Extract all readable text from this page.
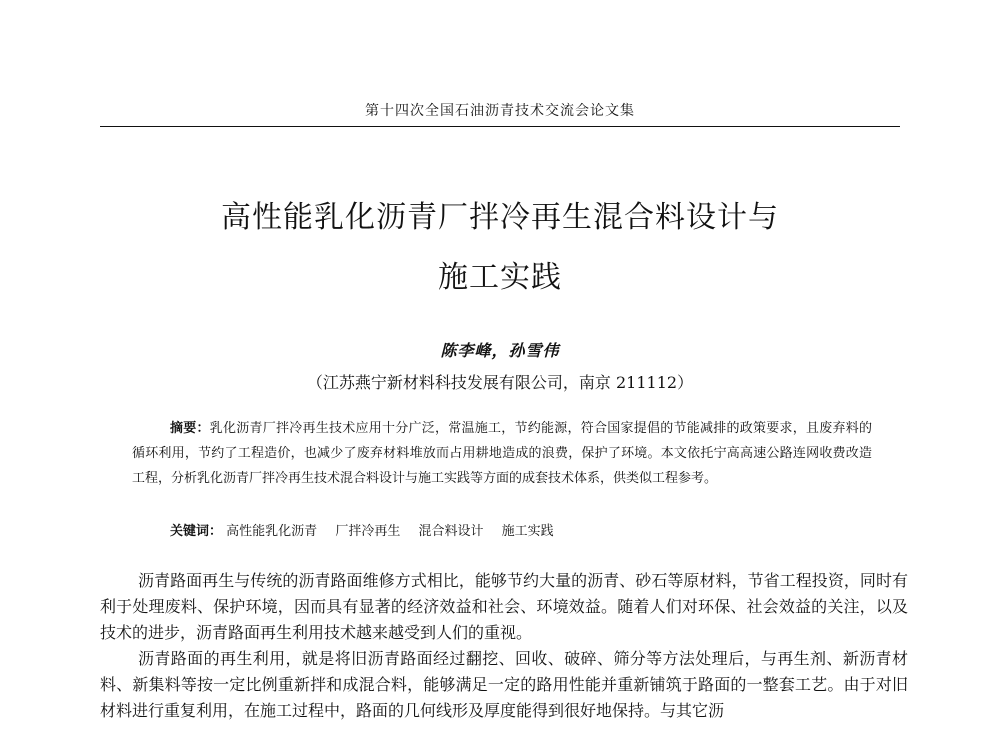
第十四次全国石油沥青技术交流会论文集
高性能乳化沥青厂拌冷再生混合料设计与
施工实践
陈李峰，孙雪伟
（江苏燕宁新材料科技发展有限公司，南京 211112）
摘要：乳化沥青厂拌冷再生技术应用十分广泛，常温施工，节约能源，符合国家提倡的节能减排的政策要求，且废弃料的循环利用，节约了工程造价，也减少了废弃材料堆放而占用耕地造成的浪费，保护了环境。本文依托宁高高速公路连网收费改造工程，分析乳化沥青厂拌冷再生技术混合料设计与施工实践等方面的成套技术体系，供类似工程参考。
关键词： 高性能乳化沥青 厂拌冷再生 混合料设计 施工实践

沥青路面再生与传统的沥青路面维修方式相比，能够节约大量的沥青、砂石等原材料，节省工程投资，同时有利于处理废料、保护环境，因而具有显著的经济效益和社会、环境效益。随着人们对环保、社会效益的关注，以及技术的进步，沥青路面再生利用技术越来越受到人们的重视。

沥青路面的再生利用，就是将旧沥青路面经过翻挖、回收、破碎、筛分等方法处理后，与再生剂、新沥青材料、新集料等按一定比例重新拌和成混合料，能够满足一定的路用性能并重新铺筑于路面的一整套工艺。由于对旧材料进行重复利用，在施工过程中，路面的几何线形及厚度能得到很好地保持。与其它沥
